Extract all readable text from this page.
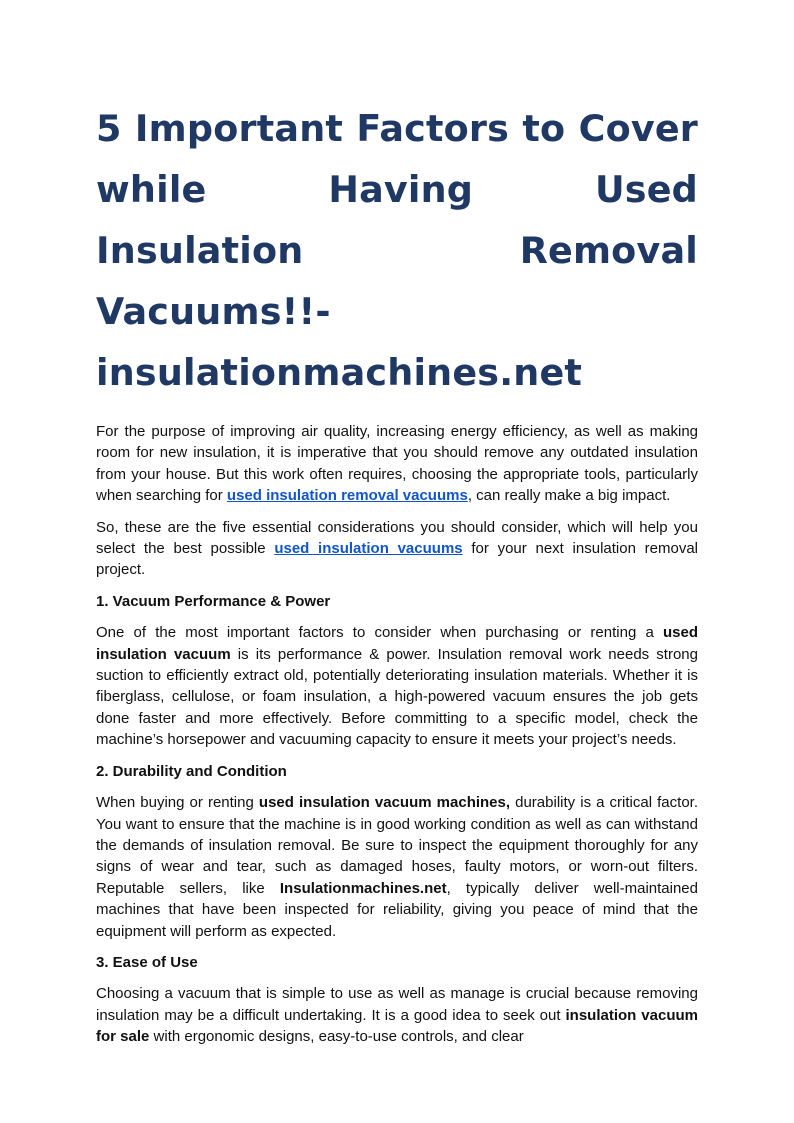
5 Important Factors to Cover while Having Used Insulation Removal Vacuums!!- insulationmachines.net

For the purpose of improving air quality, increasing energy efficiency, as well as making room for new insulation, it is imperative that you should remove any outdated insulation from your house. But this work often requires, choosing the appropriate tools, particularly when searching for used insulation removal vacuums, can really make a big impact.

So, these are the five essential considerations you should consider, which will help you select the best possible used insulation vacuums for your next insulation removal project.

1. Vacuum Performance & Power

One of the most important factors to consider when purchasing or renting a used insulation vacuum is its performance & power. Insulation removal work needs strong suction to efficiently extract old, potentially deteriorating insulation materials. Whether it is fiberglass, cellulose, or foam insulation, a high-powered vacuum ensures the job gets done faster and more effectively. Before committing to a specific model, check the machine’s horsepower and vacuuming capacity to ensure it meets your project’s needs.

2. Durability and Condition

When buying or renting used insulation vacuum machines, durability is a critical factor. You want to ensure that the machine is in good working condition as well as can withstand the demands of insulation removal. Be sure to inspect the equipment thoroughly for any signs of wear and tear, such as damaged hoses, faulty motors, or worn-out filters. Reputable sellers, like Insulationmachines.net, typically deliver well-maintained machines that have been inspected for reliability, giving you peace of mind that the equipment will perform as expected.

3. Ease of Use

Choosing a vacuum that is simple to use as well as manage is crucial because removing insulation may be a difficult undertaking. It is a good idea to seek out insulation vacuum for sale with ergonomic designs, easy-to-use controls, and clear
